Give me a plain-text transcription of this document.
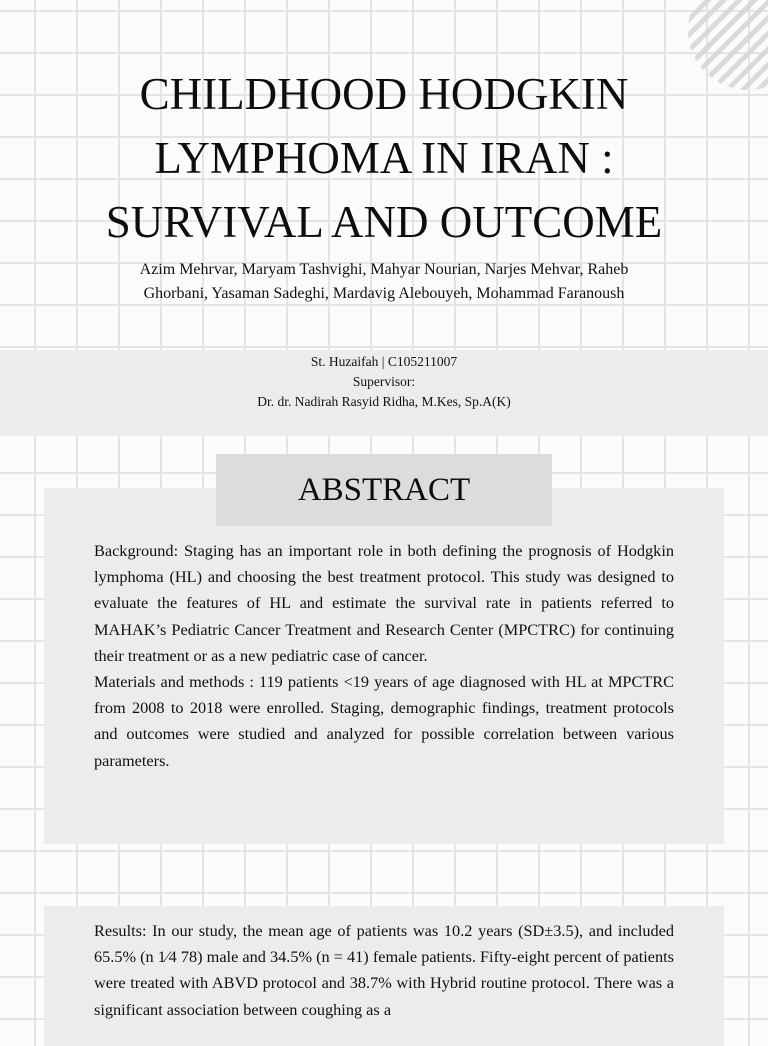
CHILDHOOD HODGKIN
LYMPHOMA IN IRAN :
SURVIVAL AND OUTCOME
Azim Mehrvar, Maryam Tashvighi, Mahyar Nourian, Narjes Mehvar, Raheb
Ghorbani, Yasaman Sadeghi, Mardavig Alebouyeh, Mohammad Faranoush
St. Huzaifah | C105211007
Supervisor:
Dr. dr. Nadirah Rasyid Ridha, M.Kes, Sp.A(K)
ABSTRACT

Background: Staging has an important role in both defining the prognosis of Hodgkin lymphoma (HL) and choosing the best treatment protocol. This study was designed to evaluate the features of HL and estimate the survival rate in patients referred to MAHAK’s Pediatric Cancer Treatment and Research Center (MPCTRC) for continuing their treatment or as a new pediatric case of cancer.

Materials and methods : 119 patients <19 years of age diagnosed with HL at MPCTRC from 2008 to 2018 were enrolled. Staging, demographic findings, treatment protocols and outcomes were studied and analyzed for possible correlation between various parameters.

Results: In our study, the mean age of patients was 10.2 years (SD±3.5), and included 65.5% (n 1⁄4 78) male and 34.5% (n = 41) female patients. Fifty-eight percent of patients were treated with ABVD protocol and 38.7% with Hybrid routine protocol. There was a significant association between coughing as a
